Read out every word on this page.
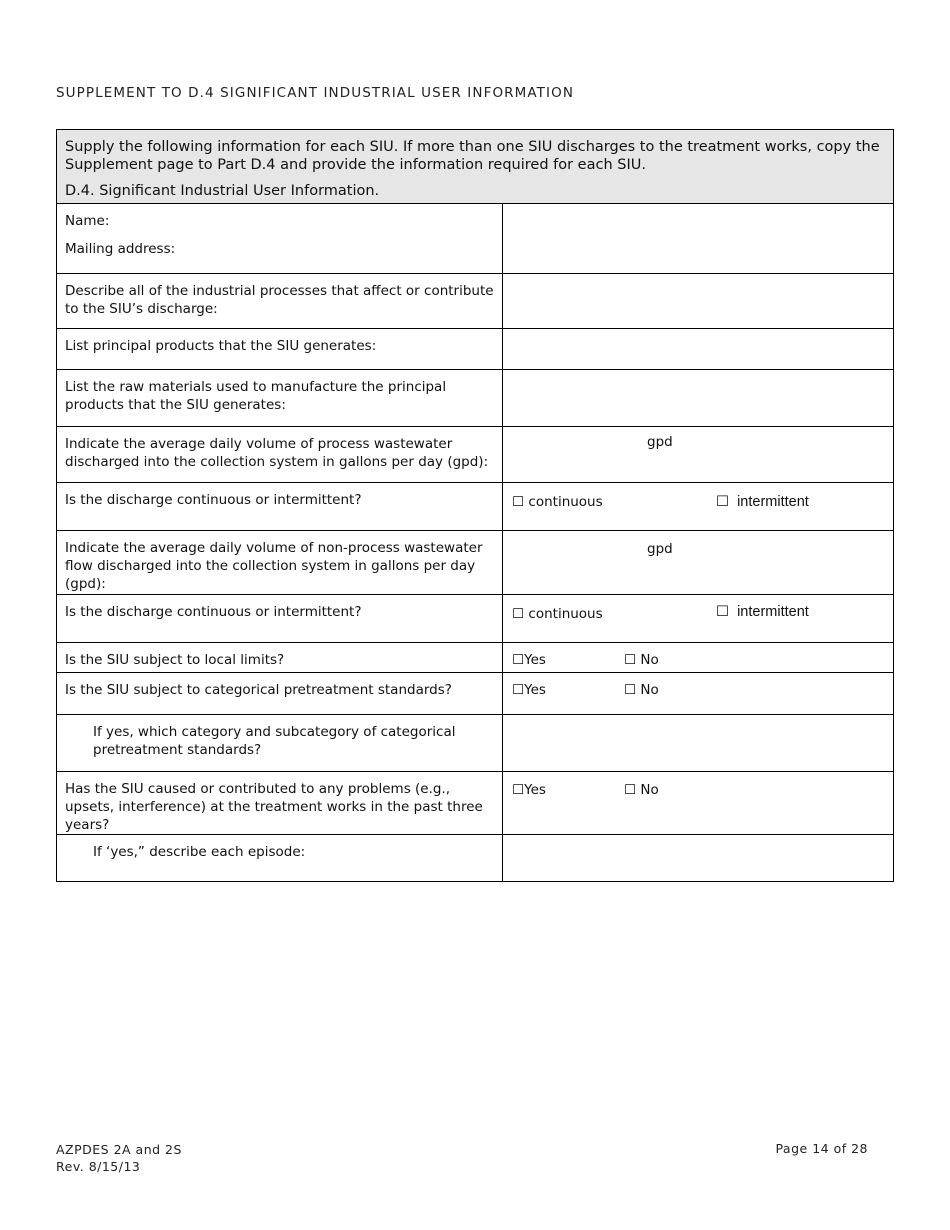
SUPPLEMENT TO D.4 SIGNIFICANT INDUSTRIAL USER INFORMATION

Supply the following information for each SIU. If more than one SIU discharges to the treatment works, copy the Supplement page to Part D.4 and provide the information required for each SIU.

D.4. Significant Industrial User Information.	

Name:

Mailing address:	

Describe all of the industrial processes that affect or contribute to the SIU’s discharge:	
List principal products that the SIU generates:	
List the raw materials used to manufacture the principal products that the SIU generates:	
Indicate the average daily volume of process wastewater discharged into the collection system in gallons per day (gpd):	gpd

Is the discharge continuous or intermittent?	☐ continuous ☐ intermittent

Indicate the average daily volume of non-process wastewater flow discharged into the collection system in gallons per day (gpd):	gpd

Is the discharge continuous or intermittent?	☐ continuous ☐ intermittent

Is the SIU subject to local limits?	☐Yes ☐ No

Is the SIU subject to categorical pretreatment standards?	☐Yes ☐ No

If yes, which category and subcategory of categorical pretreatment standards?	

Has the SIU caused or contributed to any problems (e.g., upsets, interference) at the treatment works in the past three years?	☐Yes ☐ No

If ‘yes,” describe each episode:	

AZPDES 2A and 2S
Rev. 8/15/13
Page 14 of 28
